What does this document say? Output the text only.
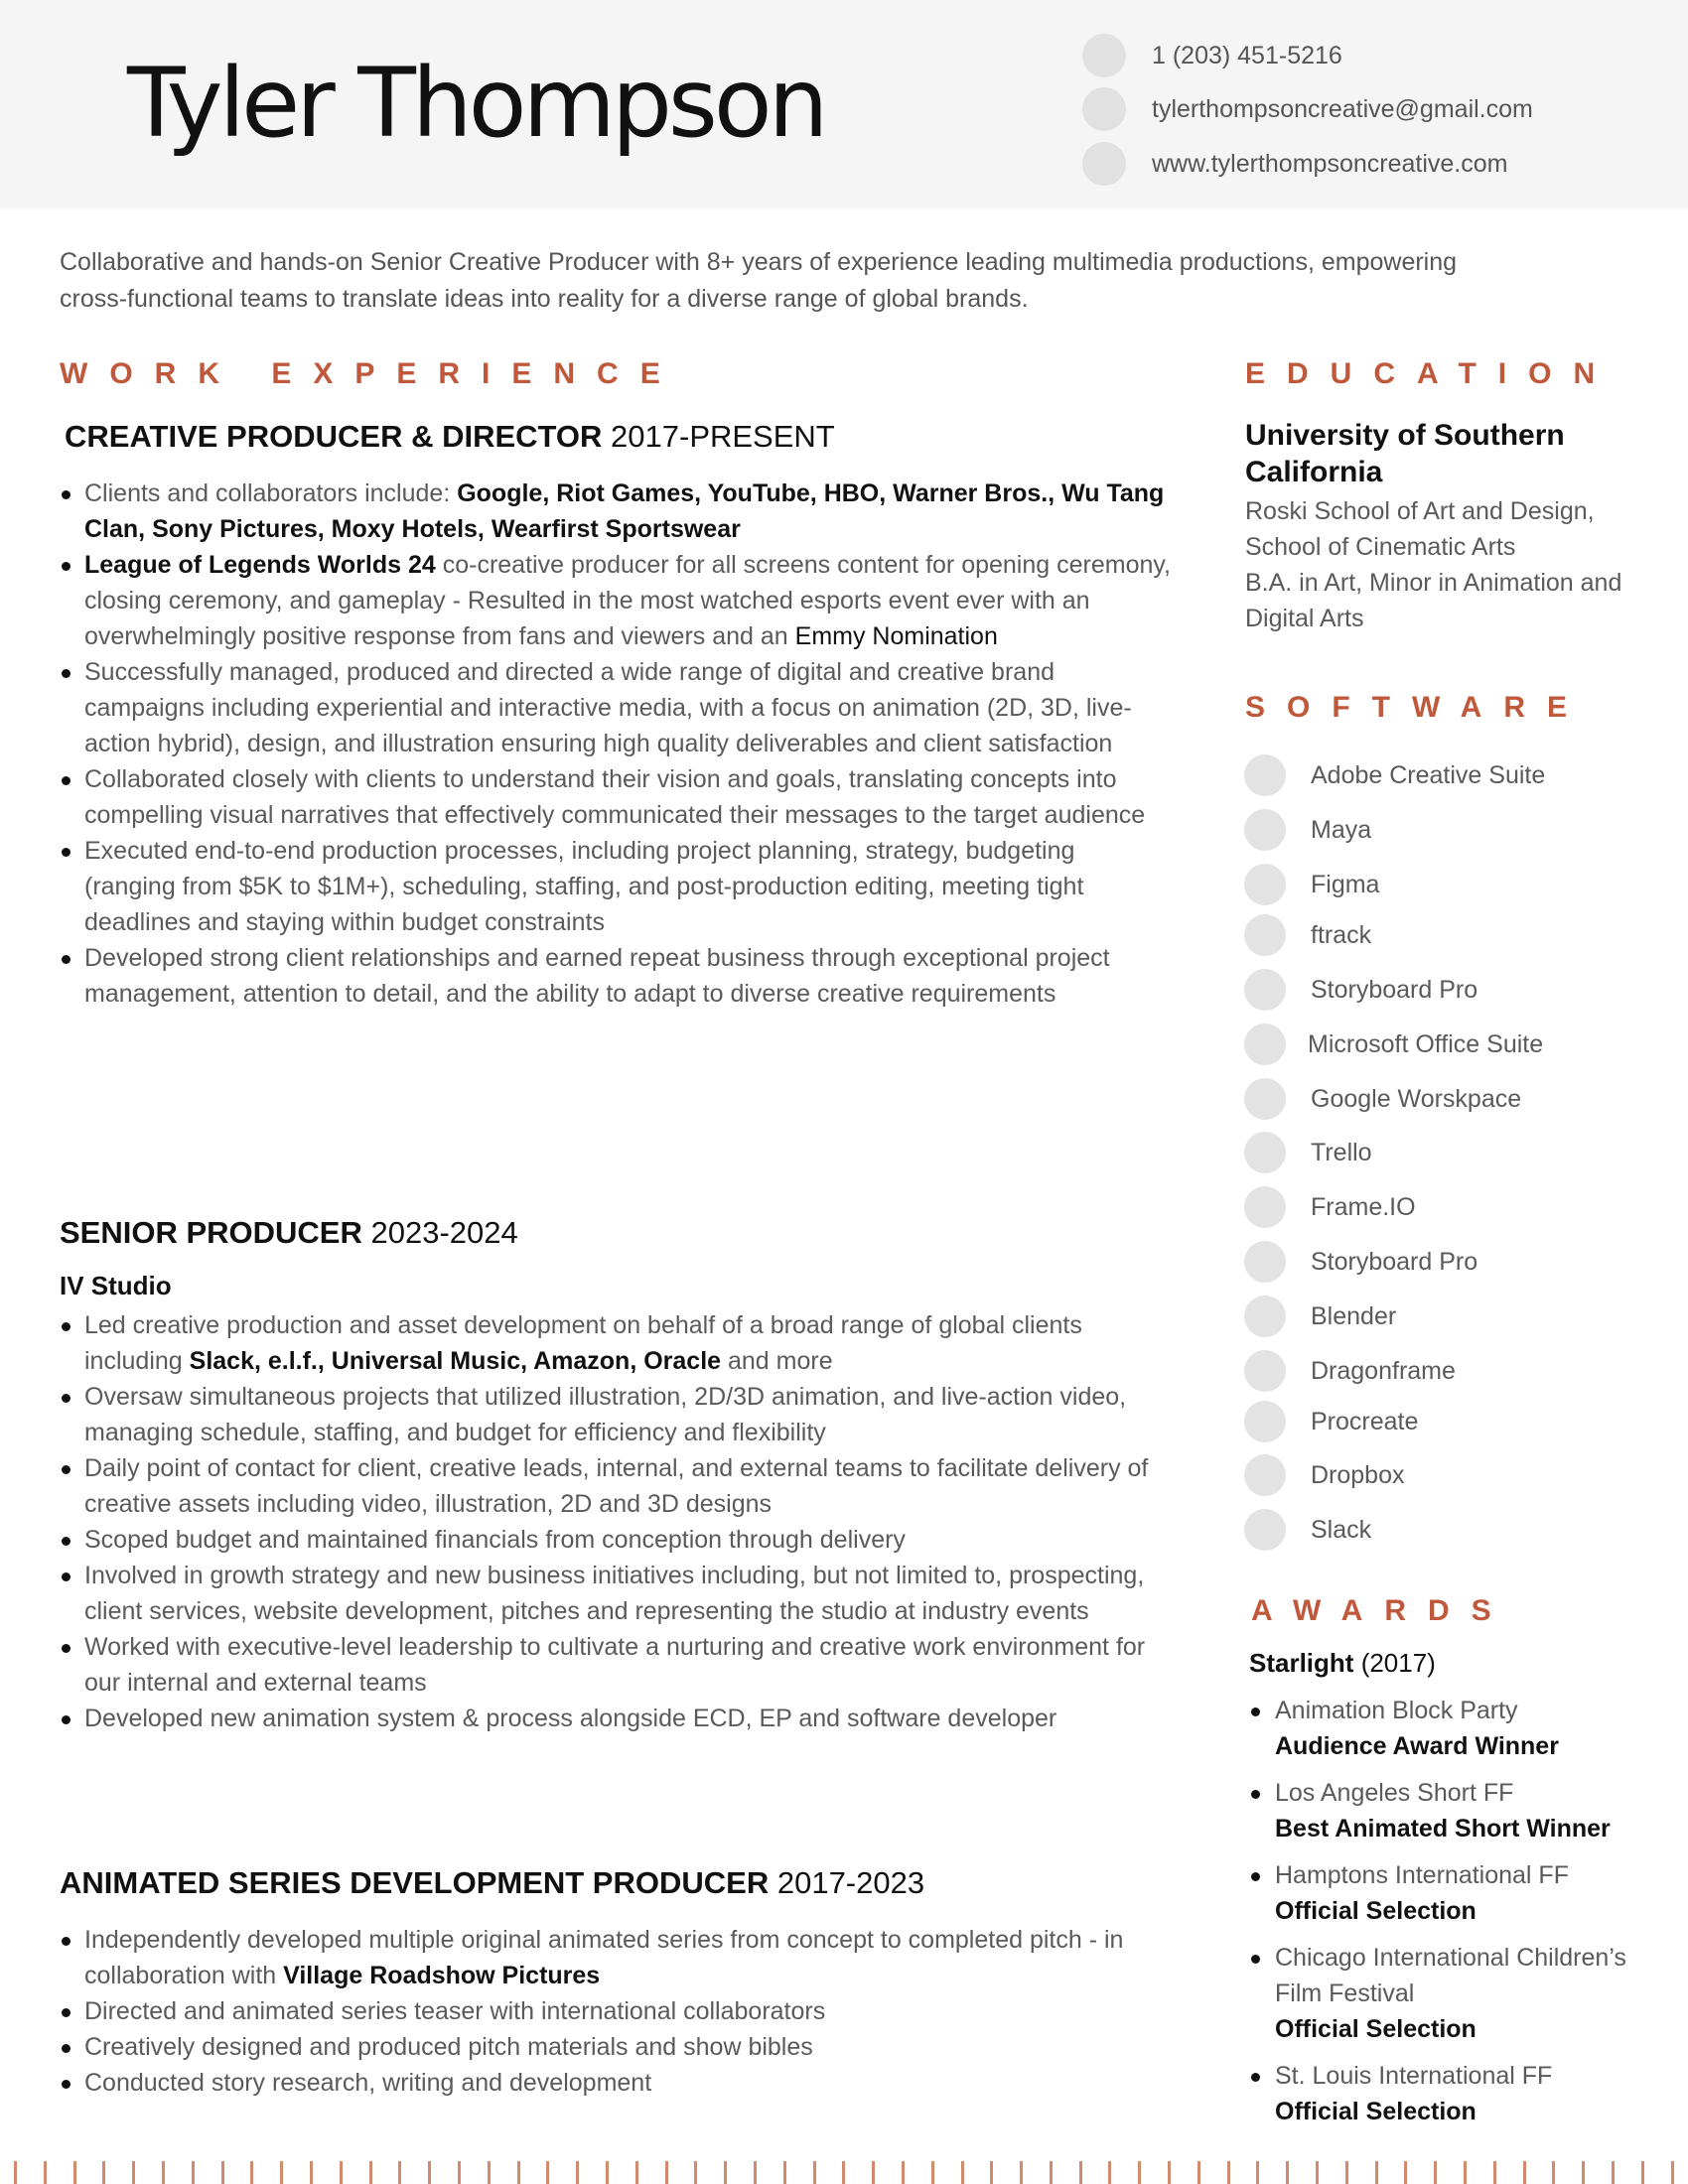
Tyler Thompson	1 (203) 451-5216
tylerthompsoncreative@gmail.com
www.tylerthompsoncreative.com

Collaborative and hands-on Senior Creative Producer with 8+ years of experience leading multimedia productions, empowering cross-functional teams to translate ideas into reality for a diverse range of global brands.

WORK EXPERIENCE
CREATIVE PRODUCER & DIRECTOR 2017-PRESENT
Clients and collaborators include: Google, Riot Games, YouTube, HBO, Warner Bros., Wu Tang Clan, Sony Pictures, Moxy Hotels, Wearfirst Sportswear
League of Legends Worlds 24 co-creative producer for all screens content for opening ceremony, closing ceremony, and gameplay - Resulted in the most watched esports event ever with an overwhelmingly positive response from fans and viewers and an Emmy Nomination
Successfully managed, produced and directed a wide range of digital and creative brand campaigns including experiential and interactive media, with a focus on animation (2D, 3D, live-action hybrid), design, and illustration ensuring high quality deliverables and client satisfaction
Collaborated closely with clients to understand their vision and goals, translating concepts into compelling visual narratives that effectively communicated their messages to the target audience
Executed end-to-end production processes, including project planning, strategy, budgeting (ranging from $5K to $1M+), scheduling, staffing, and post-production editing, meeting tight deadlines and staying within budget constraints
Developed strong client relationships and earned repeat business through exceptional project management, attention to detail, and the ability to adapt to diverse creative requirements
SENIOR PRODUCER 2023-2024
IV Studio
Led creative production and asset development on behalf of a broad range of global clients including Slack, e.l.f., Universal Music, Amazon, Oracle and more
Oversaw simultaneous projects that utilized illustration, 2D/3D animation, and live-action video, managing schedule, staffing, and budget for efficiency and flexibility
Daily point of contact for client, creative leads, internal, and external teams to facilitate delivery of creative assets including video, illustration, 2D and 3D designs
Scoped budget and maintained financials from conception through delivery
Involved in growth strategy and new business initiatives including, but not limited to, prospecting, client services, website development, pitches and representing the studio at industry events
Worked with executive-level leadership to cultivate a nurturing and creative work environment for our internal and external teams
Developed new animation system & process alongside ECD, EP and software developer
ANIMATED SERIES DEVELOPMENT PRODUCER 2017-2023
Independently developed multiple original animated series from concept to completed pitch - in collaboration with Village Roadshow Pictures
Directed and animated series teaser with international collaborators
Creatively designed and produced pitch materials and show bibles
Conducted story research, writing and development
EDUCATION
University of Southern California
Roski School of Art and Design,
School of Cinematic Arts
B.A. in Art, Minor in Animation and Digital Arts
SOFTWARE
Adobe Creative Suite
Maya
Figma
ftrack
Storyboard Pro
Microsoft Office Suite
Google Worskpace
Trello
Frame.IO
Storyboard Pro
Blender
Dragonframe
Procreate
Dropbox
Slack
AWARDS
Starlight (2017)
Animation Block Party
Audience Award Winner
Los Angeles Short FF
Best Animated Short Winner
Hamptons International FF
Official Selection
Chicago International Children’s Film Festival
Official Selection
St. Louis International FF
Official Selection
